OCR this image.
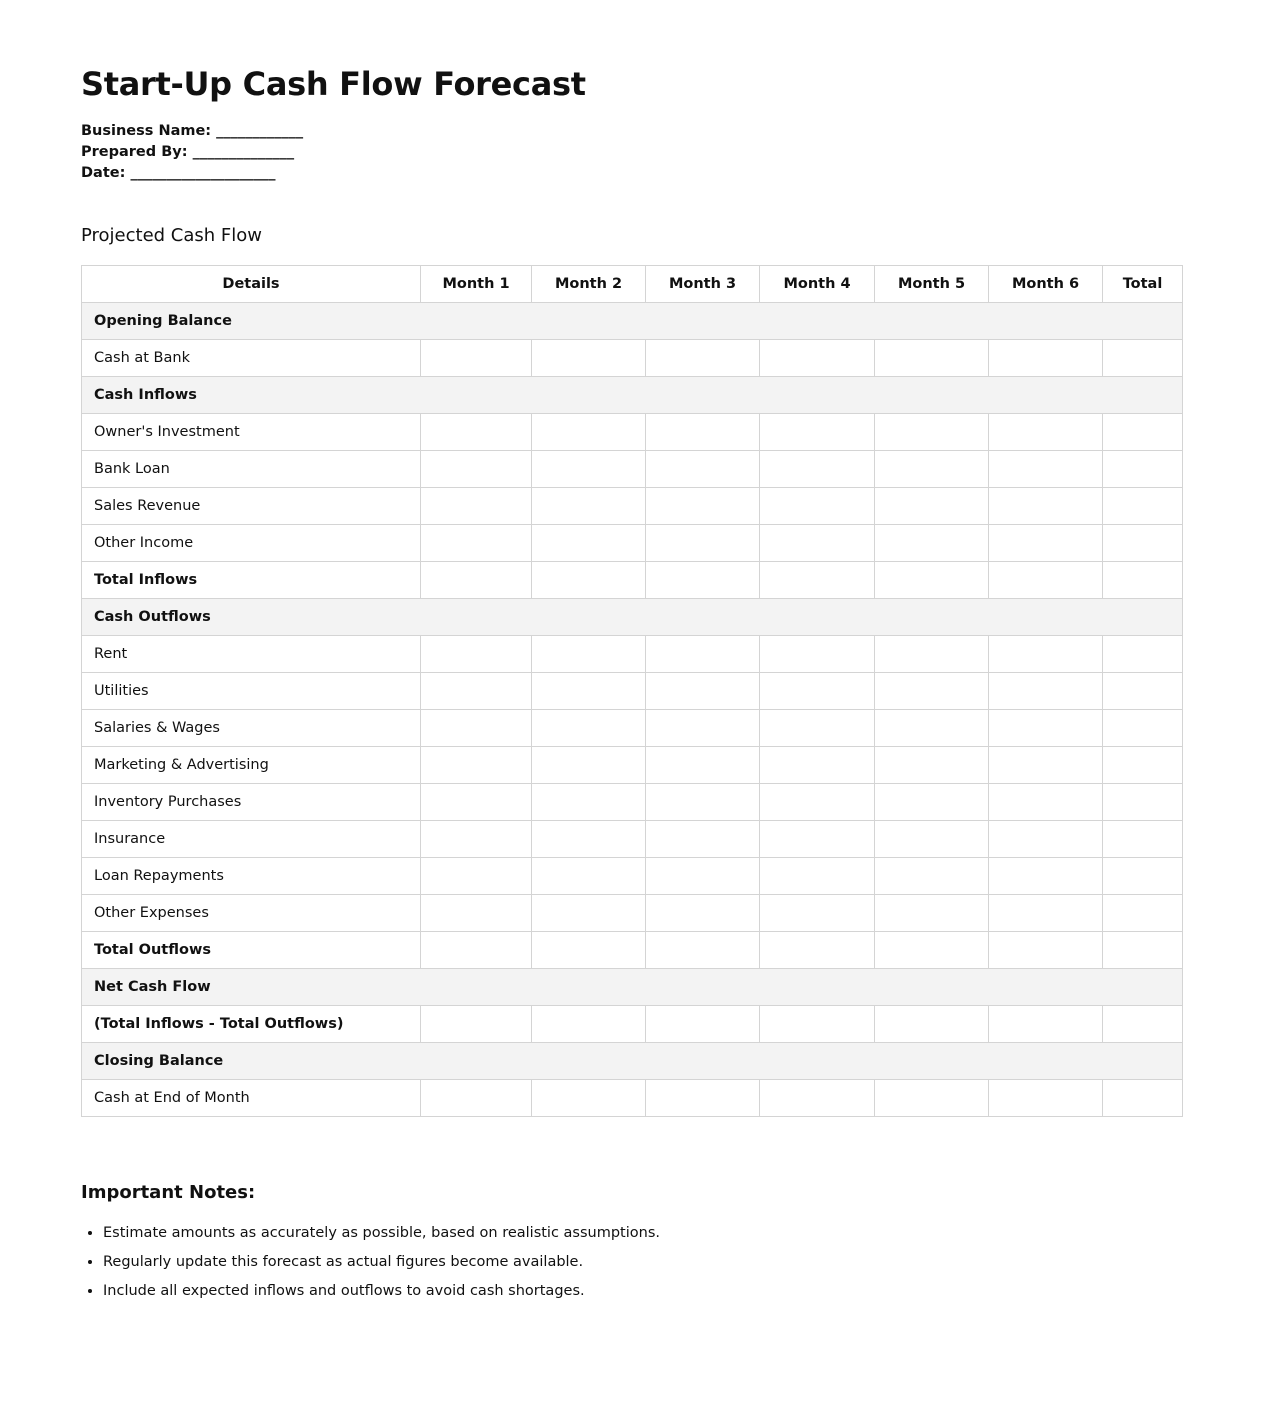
Start-Up Cash Flow Forecast
Business Name: ____________
Prepared By: ______________
Date: ____________________
Projected Cash Flow
Details	Month 1	Month 2	Month 3	Month 4	Month 5	Month 6	Total
Opening Balance							
Cash at Bank							
Cash Inflows							
Owner's Investment							
Bank Loan							
Sales Revenue							
Other Income							
Total Inflows							
Cash Outflows							
Rent							
Utilities							
Salaries & Wages							
Marketing & Advertising							
Inventory Purchases							
Insurance							
Loan Repayments							
Other Expenses							
Total Outflows							
Net Cash Flow							
(Total Inflows - Total Outflows)							
Closing Balance							
Cash at End of Month							
Important Notes:
• Estimate amounts as accurately as possible, based on realistic assumptions.
• Regularly update this forecast as actual figures become available.
• Include all expected inflows and outflows to avoid cash shortages.
